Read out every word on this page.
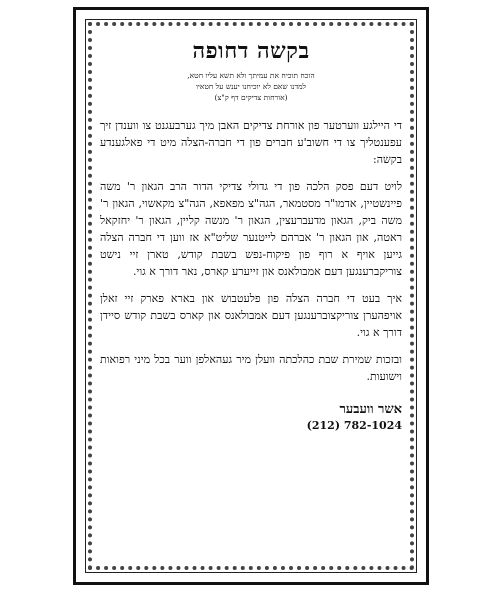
בקשה דחופה
הוכח תוכיח את עמיתך ולא תשא עליו חטא,
למדנו שאם לא יוכיחנו יענש על חטאיו
(אורחות צדיקים דף ק"צ)
די היילגע ווערטער פון אורחת צדיקים האבן מיך גערבעגנט צו ווענדן זיך עפענטליך צו די חשוב'ע חברים פון די חברה-הצלה מיט די פאלגענדע בקשה:
לויט דעם פסק הלכה פון די גדולי צדיקי הדור הרב הגאון ר' משה פיינשטיין, אדמו"ר מסטמאר, הגה"צ מפאפא, הגה"צ מקאשוי, הגאון ר' משה ביק, הגאון מדעברעצין, הגאון ר' מנשה קליין, הגאון ר' יחזקאל ראטה, און הגאון ר' אברהם לייטנער שליט"א אז ווען די חברה הצלה גייען אויף א רוף פון פיקוח-נפש בשבת קודש, טארן זיי נישט צוריקברענגען דעם אמבולאנס און זייערע קארס, נאר דורך א גוי.
איך בעט די חברה הצלה פון פלעטבוש און בארא פארק זיי זאלן אויפהערן צוריקצוברענגען דעם אמבולאנס און קארס בשבת קודש סיידן דורך א גוי.
ובזכות שמירת שבת כהלכתה וועלן מיר געהאלפן ווער בכל מיני רפואות וישועות.
אשר וועבער
(212) 782-1024
